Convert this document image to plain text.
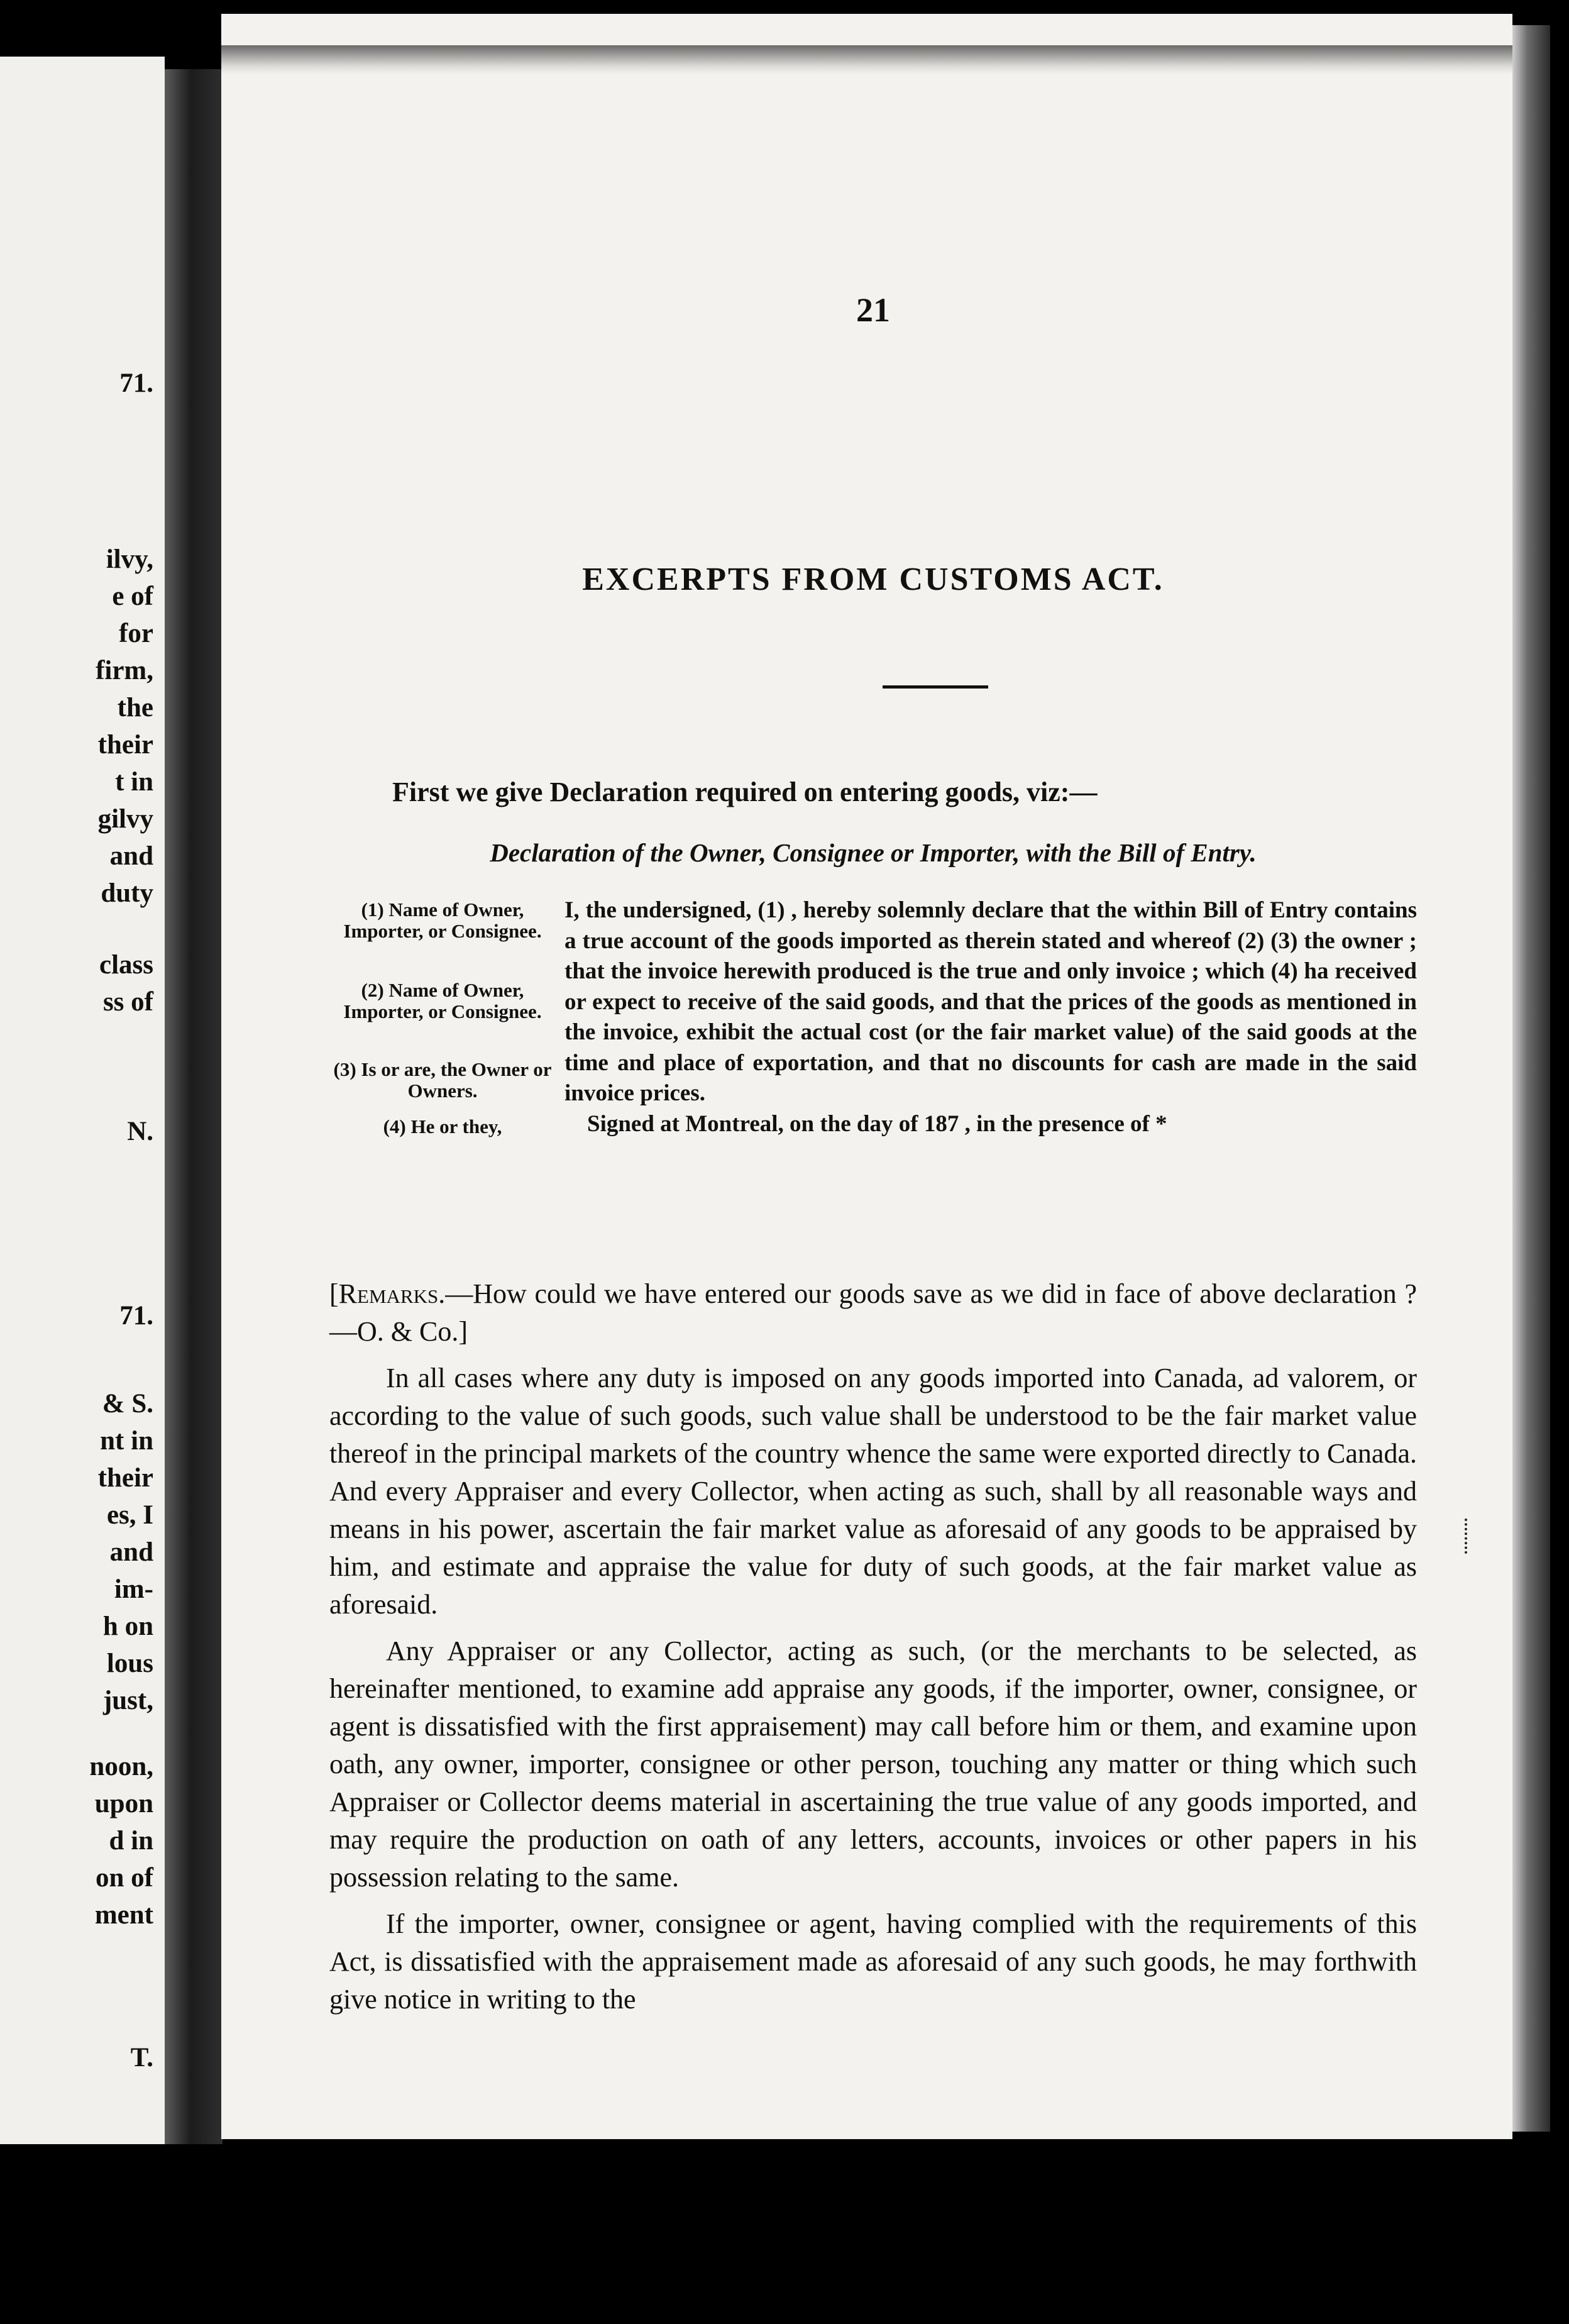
71.
ilvy,
e of
for
firm,
the
their
t in
gilvy
and
duty
class
ss of
N.
71.
& S.
nt in
their
es, I
and
im-
h on
lous
just,
noon,
upon
d in
on of
ment
T.
21
EXCERPTS FROM CUSTOMS ACT.
First we give Declaration required on entering goods, viz:—
Declaration of the Owner, Consignee or Importer, with the Bill of Entry.
(1) Name of Owner, Importer, or Consignee.
(2) Name of Owner, Importer, or Consignee.
(3) Is or are, the Owner or Owners.
(4) He or they,

I, the undersigned, (1) , hereby solemnly declare that the within Bill of Entry contains a true account of the goods imported as therein stated and whereof (2) (3) the owner ; that the invoice herewith produced is the true and only invoice ; which (4) ha received or expect to receive of the said goods, and that the prices of the goods as mentioned in the invoice, exhibit the actual cost (or the fair market value) of the said goods at the time and place of exportation, and that no discounts for cash are made in the said invoice prices.

Signed at Montreal, on the day of 187 , in the presence of *

[Remarks.—How could we have entered our goods save as we did in face of above declaration ?—O. & Co.]

In all cases where any duty is imposed on any goods imported into Canada, ad valorem, or according to the value of such goods, such value shall be understood to be the fair market value thereof in the principal markets of the country whence the same were exported directly to Canada. And every Appraiser and every Collector, when acting as such, shall by all reasonable ways and means in his power, ascertain the fair market value as aforesaid of any goods to be appraised by him, and estimate and appraise the value for duty of such goods, at the fair market value as aforesaid.

Any Appraiser or any Collector, acting as such, (or the merchants to be selected, as hereinafter mentioned, to examine add appraise any goods, if the importer, owner, consignee, or agent is dissatisfied with the first appraisement) may call before him or them, and examine upon oath, any owner, importer, consignee or other person, touching any matter or thing which such Appraiser or Collector deems material in ascertaining the true value of any goods imported, and may require the production on oath of any letters, accounts, invoices or other papers in his possession relating to the same.

If the importer, owner, consignee or agent, having complied with the requirements of this Act, is dissatisfied with the appraisement made as aforesaid of any such goods, he may forthwith give notice in writing to the
